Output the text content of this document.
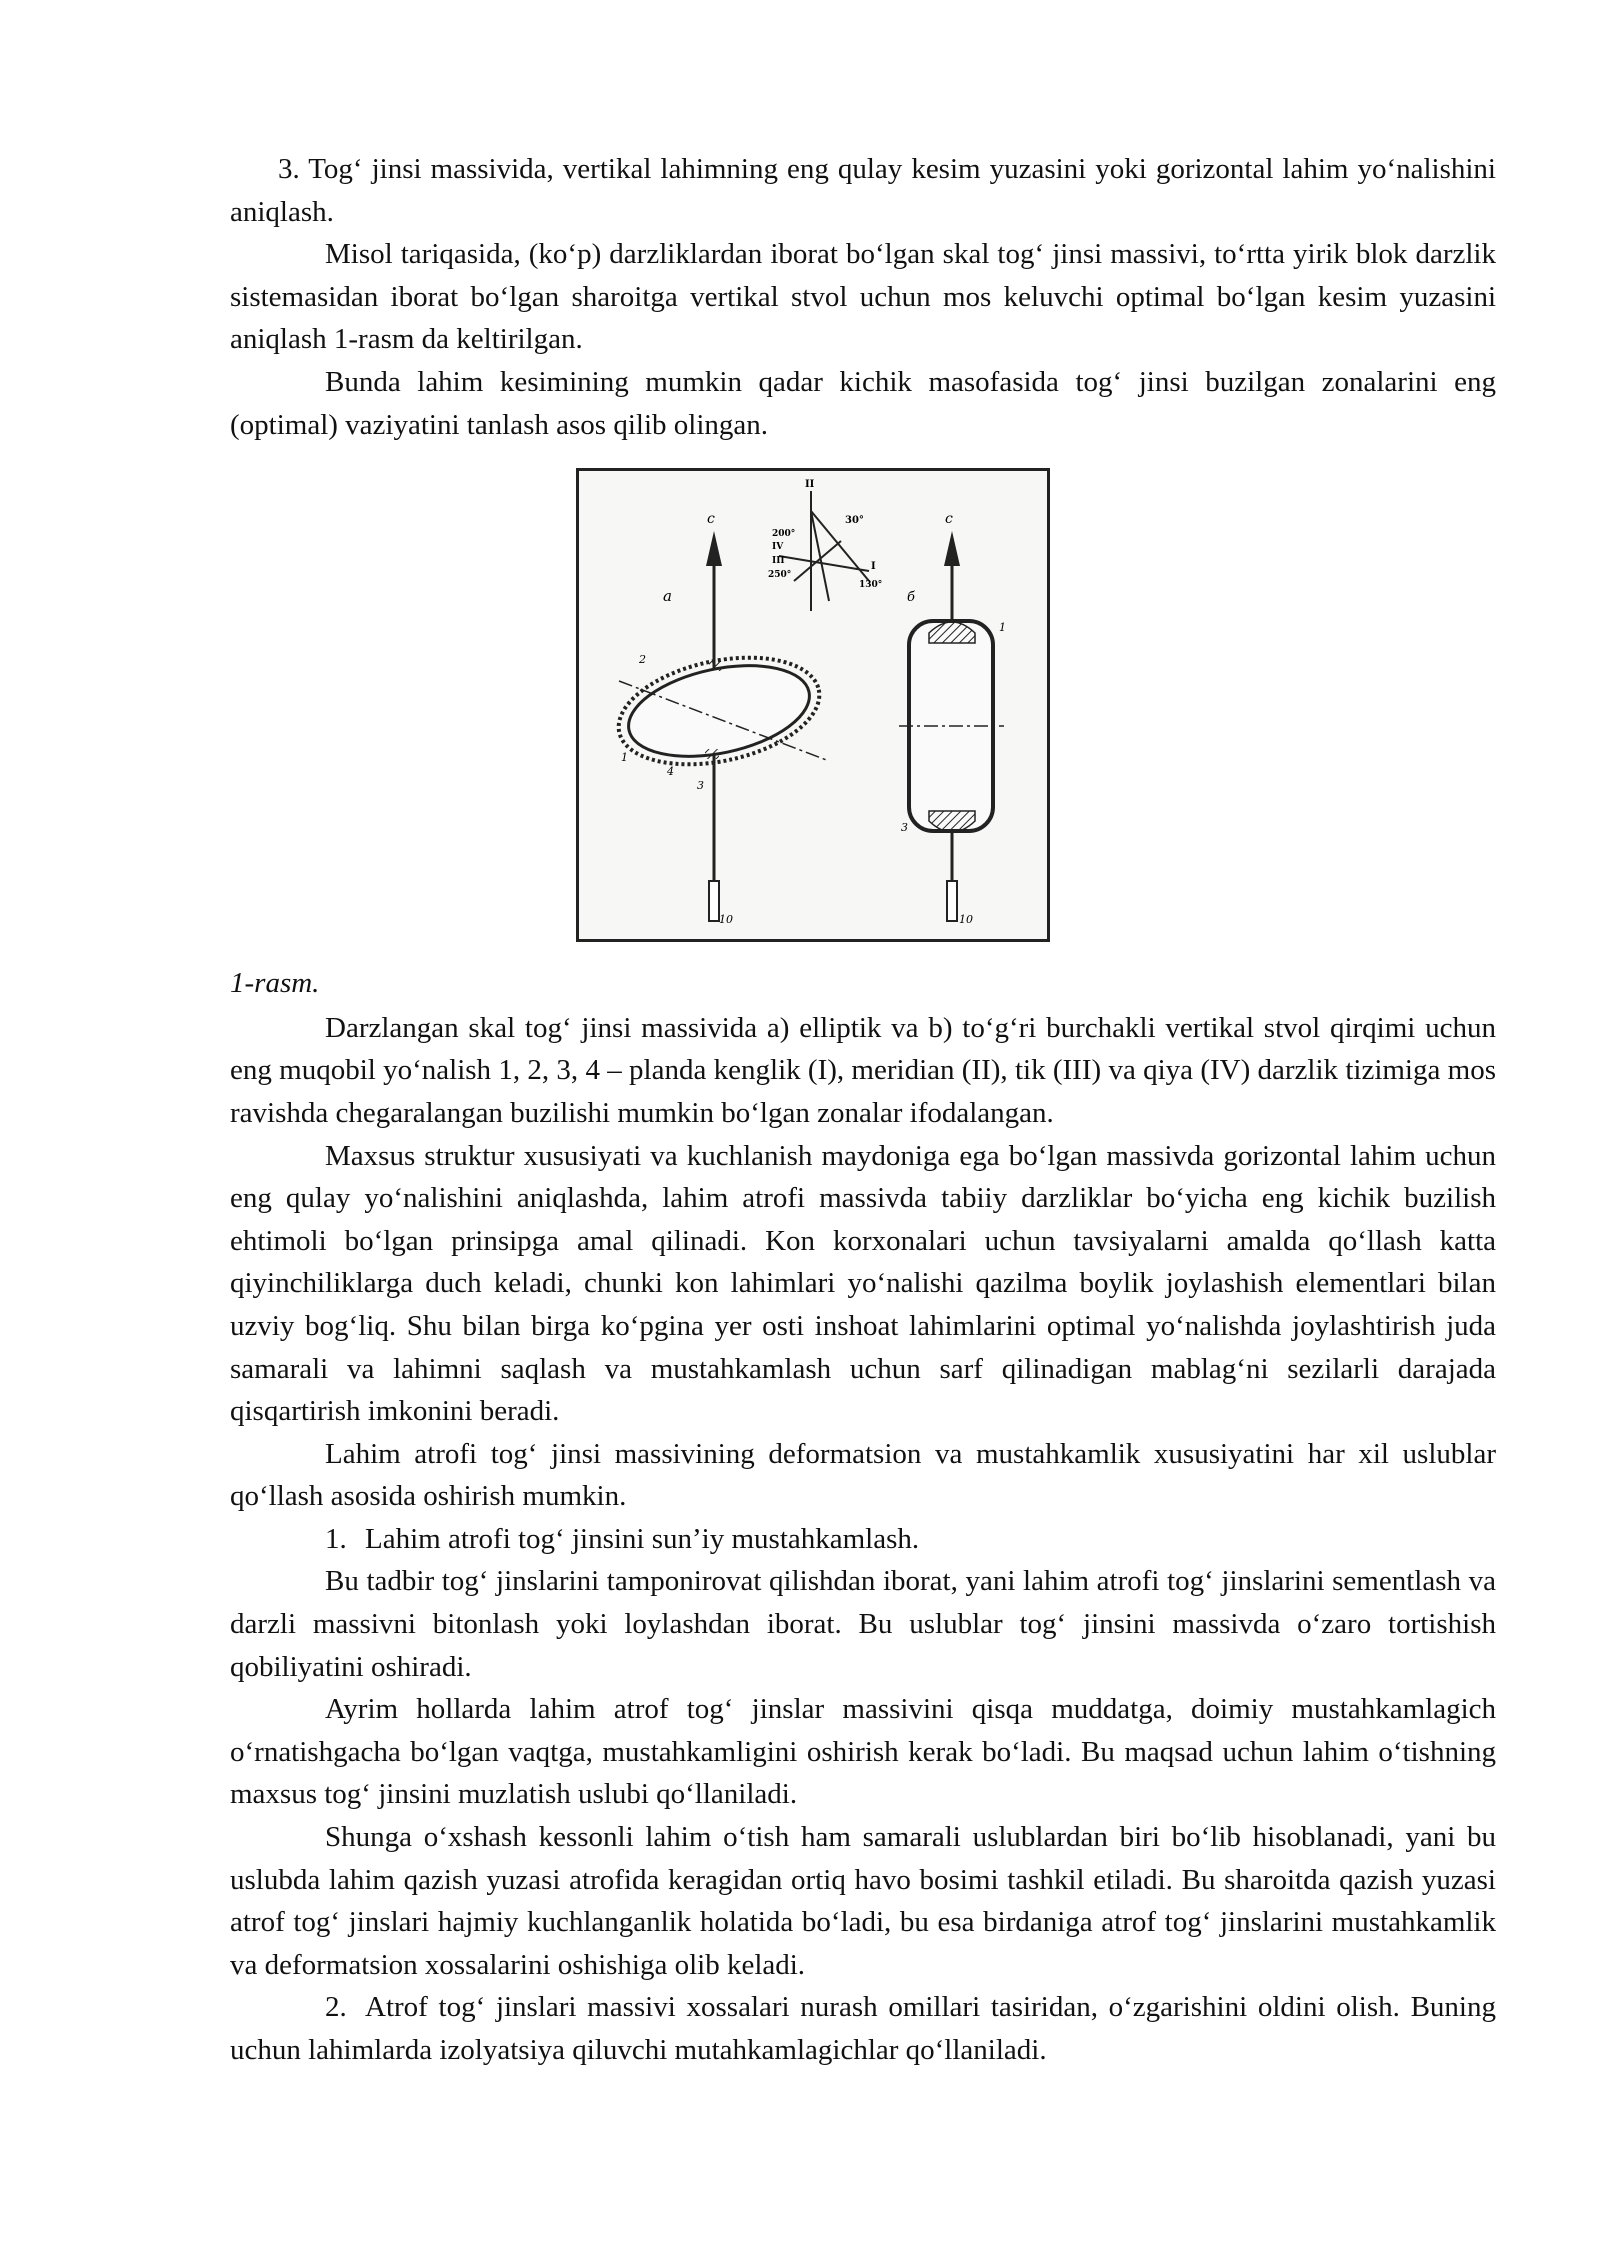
3. Tog‘ jinsi massivida, vertikal lahimning eng qulay kesim yuzasini yoki gorizontal lahim yo‘nalishini aniqlash.

Misol tariqasida, (ko‘p) darzliklardan iborat bo‘lgan skal tog‘ jinsi massivi, to‘rtta yirik blok darzlik sistemasidan iborat bo‘lgan sharoitga vertikal stvol uchun mos keluvchi optimal bo‘lgan kesim yuzasini aniqlash 1-rasm da keltirilgan.

Bunda lahim kesimining mumkin qadar kichik masofasida tog‘ jinsi buzilgan zonalarini eng (optimal) vaziyatini tanlash asos qilib olingan.

c
a
10
2
1
4
3
II
30°
200°
IV
III
250°
130°
I
c
б
10
1
3

1-rasm.

Darzlangan skal tog‘ jinsi massivida a) elliptik va b) to‘g‘ri burchakli vertikal stvol qirqimi uchun eng muqobil yo‘nalish 1, 2, 3, 4 – planda kenglik (I), meridian (II), tik (III) va qiya (IV) darzlik tizimiga mos ravishda chegaralangan buzilishi mumkin bo‘lgan zonalar ifodalangan.

Maxsus struktur xususiyati va kuchlanish maydoniga ega bo‘lgan massivda gorizontal lahim uchun eng qulay yo‘nalishini aniqlashda, lahim atrofi massivda tabiiy darzliklar bo‘yicha eng kichik buzilish ehtimoli bo‘lgan prinsipga amal qilinadi. Kon korxonalari uchun tavsiyalarni amalda qo‘llash katta qiyinchiliklarga duch keladi, chunki kon lahimlari yo‘nalishi qazilma boylik joylashish elementlari bilan uzviy bog‘liq. Shu bilan birga ko‘pgina yer osti inshoat lahimlarini optimal yo‘nalishda joylashtirish juda samarali va lahimni saqlash va mustahkamlash uchun sarf qilinadigan mablag‘ni sezilarli darajada qisqartirish imkonini beradi.

Lahim atrofi tog‘ jinsi massivining deformatsion va mustahkamlik xususiyatini har xil uslublar qo‘llash asosida oshirish mumkin.

1. Lahim atrofi tog‘ jinsini sun’iy mustahkamlash.

Bu tadbir tog‘ jinslarini tamponirovat qilishdan iborat, yani lahim atrofi tog‘ jinslarini sementlash va darzli massivni bitonlash yoki loylashdan iborat. Bu uslublar tog‘ jinsini massivda o‘zaro tortishish qobiliyatini oshiradi.

Ayrim hollarda lahim atrof tog‘ jinslar massivini qisqa muddatga, doimiy mustahkamlagich o‘rnatishgacha bo‘lgan vaqtga, mustahkamligini oshirish kerak bo‘ladi. Bu maqsad uchun lahim o‘tishning maxsus tog‘ jinsini muzlatish uslubi qo‘llaniladi.

Shunga o‘xshash kessonli lahim o‘tish ham samarali uslublardan biri bo‘lib hisoblanadi, yani bu uslubda lahim qazish yuzasi atrofida keragidan ortiq havo bosimi tashkil etiladi. Bu sharoitda qazish yuzasi atrof tog‘ jinslari hajmiy kuchlanganlik holatida bo‘ladi, bu esa birdaniga atrof tog‘ jinslarini mustahkamlik va deformatsion xossalarini oshishiga olib keladi.

2. Atrof tog‘ jinslari massivi xossalari nurash omillari tasiridan, o‘zgarishini oldini olish. Buning uchun lahimlarda izolyatsiya qiluvchi mutahkamlagichlar qo‘llaniladi.
